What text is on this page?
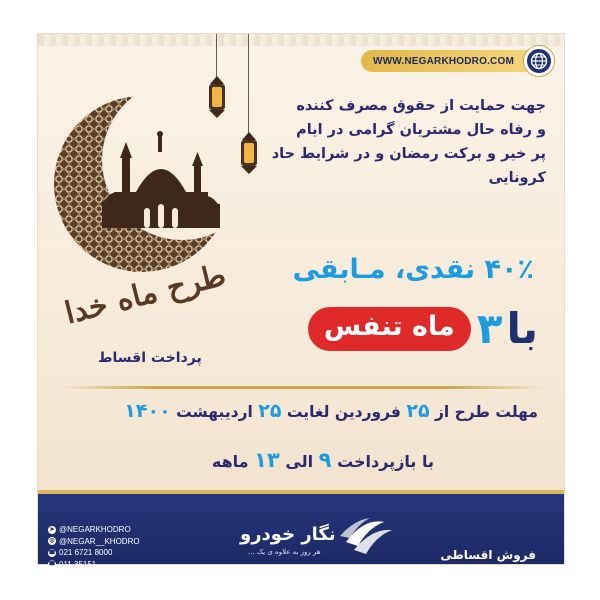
WWW.NEGARKHODRO.COM
جهت حمایت از حقوق مصرف کننده
و رفاه حال مشتریان گرامی در ایام
پر خیر و برکت رمضان و در شرایط حاد کرونایی
طرح ماه خدا ۴۰٪ نقدی، مـابقی
با
۳
ماه تنفس
پرداخت اقساط
مهلت طرح از ۲۵ فروردین لغایت ۲۵ اردیبهشت ۱۴۰۰
با بازپرداخت ۹ الی ۱۳ ماهه
➤ @NEGARKHODRO
◎ @NEGAR__KHODRO
☎ 021 6721 8000
☎ 011 35151
نگار خودرو
هر روز به علاوه ی یک ...	فروش اقساطی
